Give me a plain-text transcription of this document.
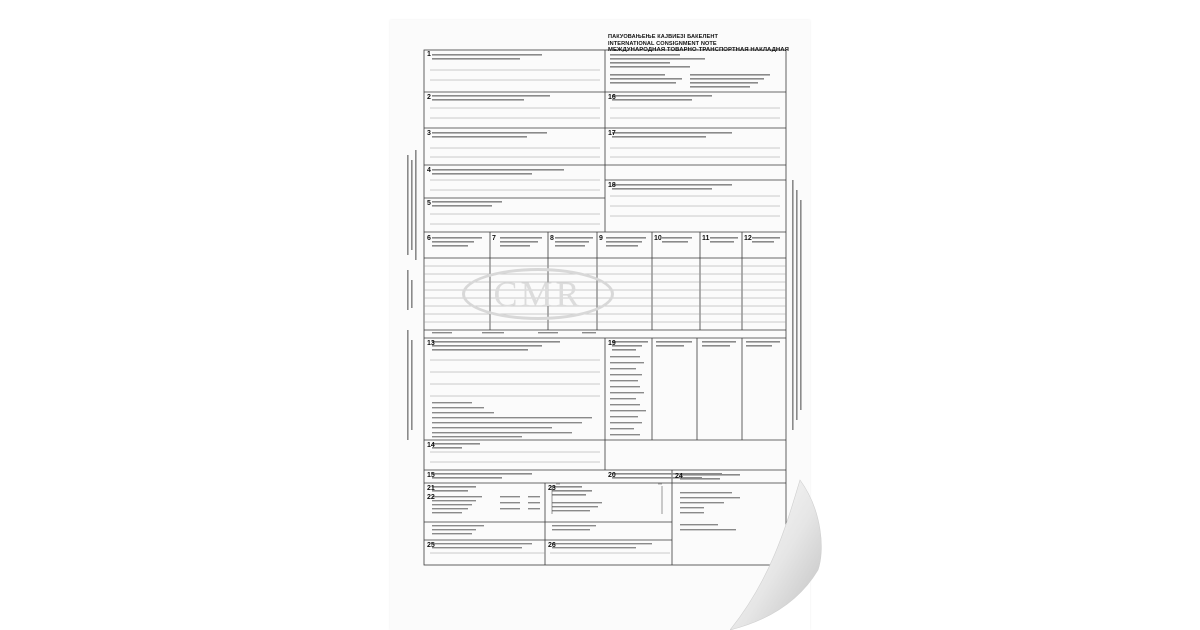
1
2
3
4
5
6	7	8	9	10	11	12
13
14
15
16
17
18
19
20
21
22
23
24
25	26
ПАКУОВАЊЕЊЕ КАЈВИЕЗІ БАКЕЛЕНТ
INTERNATIONAL CONSIGNMENT NOTE
МЕЖДУНАРОДНАЯ ТОВАРНО-ТРАНСПОРТНАЯ НАКЛАДНАЯ
CMR
